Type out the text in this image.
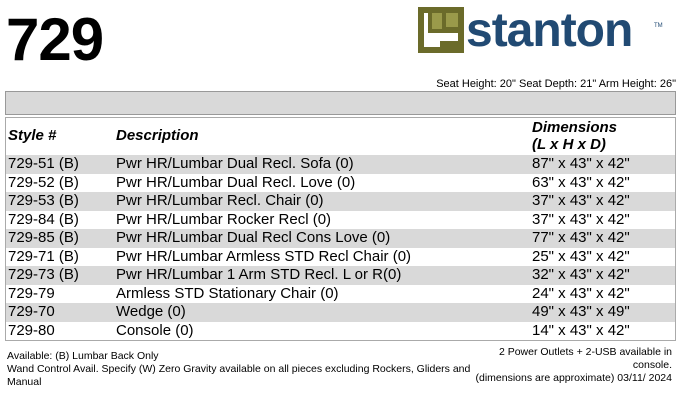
729	stanton	TM
Seat Height: 20" Seat Depth: 21" Arm Height: 26"
Style #	Description	Dimensions
(L x H x D)
729-51 (B) Pwr HR/Lumbar Dual Recl. Sofa (0)	87" x 43" x 42"
729-52 (B) Pwr HR/Lumbar Dual Recl. Love (0)	63" x 43" x 42"
729-53 (B) Pwr HR/Lumbar Recl. Chair (0)	37" x 43" x 42"
729-84 (B) Pwr HR/Lumbar Rocker Recl (0)	37" x 43" x 42"
729-85 (B) Pwr HR/Lumbar Dual Recl Cons Love (0)	77" x 43" x 42"
729-71 (B) Pwr HR/Lumbar Armless STD Recl Chair (0)	25" x 43" x 42"
729-73 (B) Pwr HR/Lumbar 1 Arm STD Recl. L or R(0)	32" x 43" x 42"
729-79	Armless STD Stationary Chair (0)	24" x 43" x 42"
729-70	Wedge (0)	49" x 43" x 49"
729-80	Console (0)	14" x 43" x 42"
Available: (B) Lumbar Back Only
Wand Control Avail. Specify (W) Zero Gravity available on all pieces excluding Rockers, Gliders and Manual
2 Power Outlets + 2-USB available in console.
(dimensions are approximate) 03/11/ 2024
